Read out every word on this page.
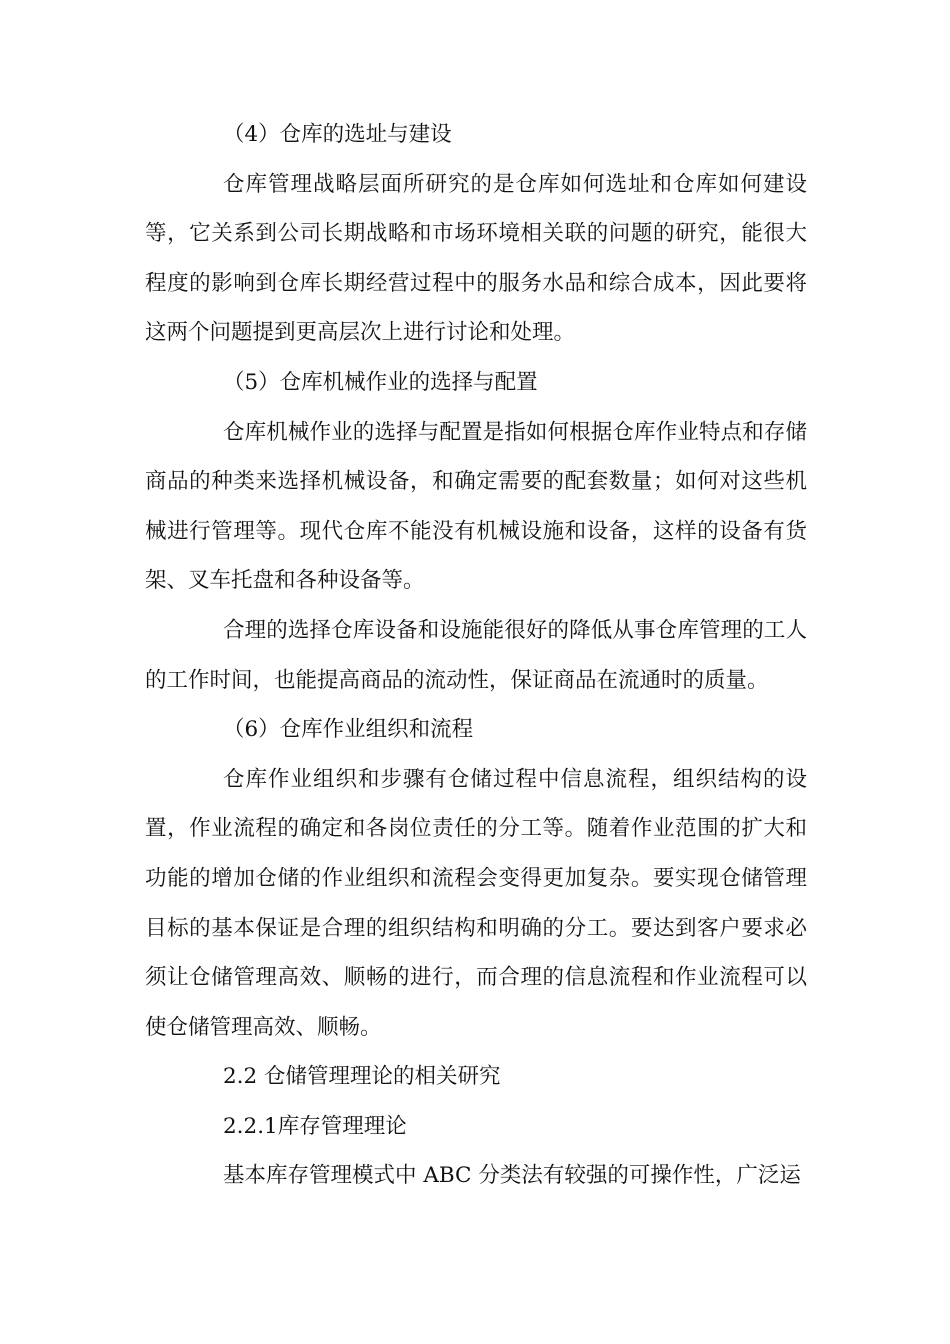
（4）仓库的选址与建设

仓库管理战略层面所研究的是仓库如何选址和仓库如何建设等，它关系到公司长期战略和市场环境相关联的问题的研究，能很大程度的影响到仓库长期经营过程中的服务水品和综合成本，因此要将这两个问题提到更高层次上进行讨论和处理。

（5）仓库机械作业的选择与配置

仓库机械作业的选择与配置是指如何根据仓库作业特点和存储商品的种类来选择机械设备，和确定需要的配套数量；如何对这些机械进行管理等。现代仓库不能没有机械设施和设备，这样的设备有货架、叉车托盘和各种设备等。

合理的选择仓库设备和设施能很好的降低从事仓库管理的工人的工作时间，也能提高商品的流动性，保证商品在流通时的质量。

（6）仓库作业组织和流程

仓库作业组织和步骤有仓储过程中信息流程，组织结构的设置，作业流程的确定和各岗位责任的分工等。随着作业范围的扩大和功能的增加仓储的作业组织和流程会变得更加复杂。要实现仓储管理目标的基本保证是合理的组织结构和明确的分工。要达到客户要求必须让仓储管理高效、顺畅的进行，而合理的信息流程和作业流程可以使仓储管理高效、顺畅。

2.2 仓储管理理论的相关研究

2.2.1库存管理理论

基本库存管理模式中 ABC 分类法有较强的可操作性，广泛运
